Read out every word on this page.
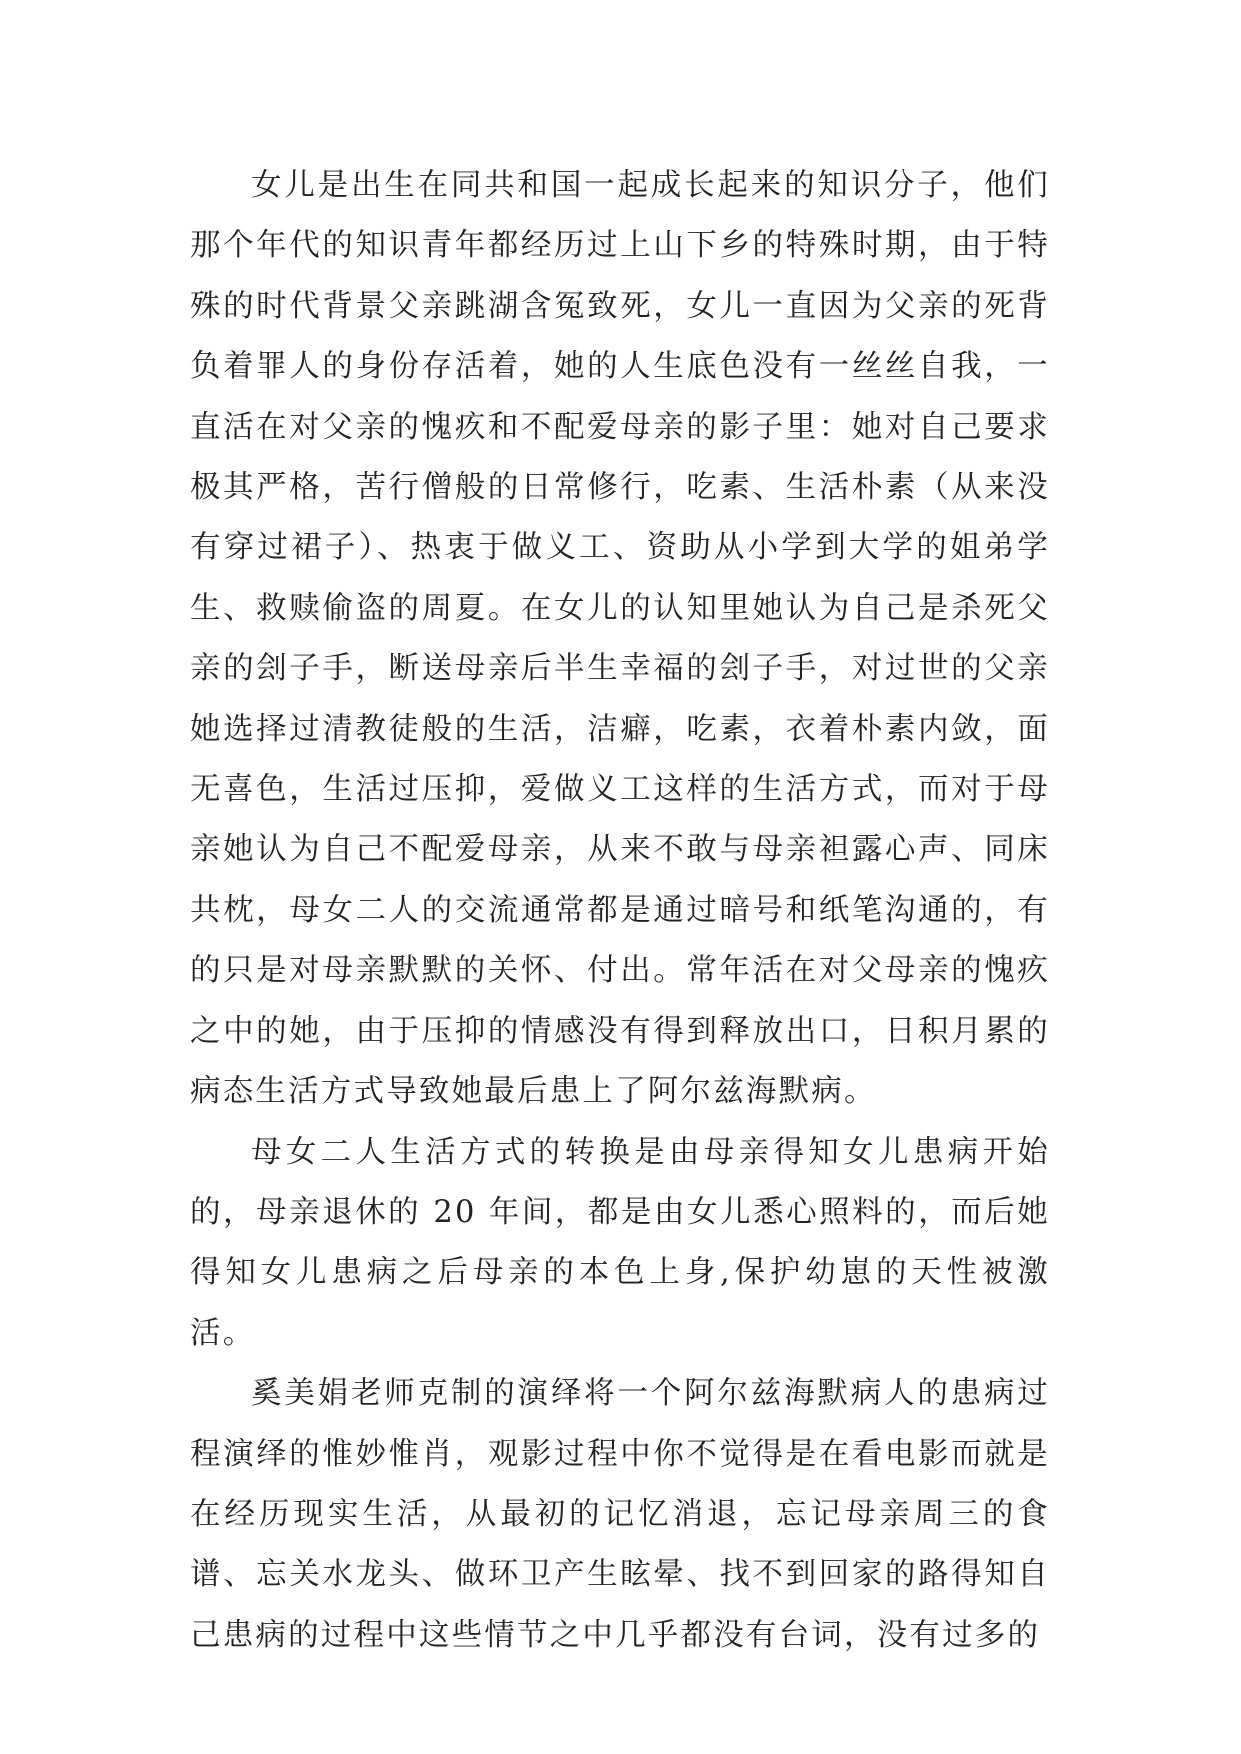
女儿是出生在同共和国一起成长起来的知识分子，他们那个年代的知识青年都经历过上山下乡的特殊时期，由于特殊的时代背景父亲跳湖含冤致死，女儿一直因为父亲的死背负着罪人的身份存活着，她的人生底色没有一丝丝自我，一直活在对父亲的愧疚和不配爱母亲的影子里：她对自己要求极其严格，苦行僧般的日常修行，吃素、生活朴素（从来没有穿过裙子）、热衷于做义工、资助从小学到大学的姐弟学生、救赎偷盗的周夏。在女儿的认知里她认为自己是杀死父亲的刽子手，断送母亲后半生幸福的刽子手，对过世的父亲她选择过清教徒般的生活，洁癖，吃素，衣着朴素内敛，面无喜色，生活过压抑，爱做义工这样的生活方式，而对于母亲她认为自己不配爱母亲，从来不敢与母亲袒露心声、同床共枕，母女二人的交流通常都是通过暗号和纸笔沟通的，有的只是对母亲默默的关怀、付出。常年活在对父母亲的愧疚之中的她，由于压抑的情感没有得到释放出口，日积月累的病态生活方式导致她最后患上了阿尔兹海默病。

母女二人生活方式的转换是由母亲得知女儿患病开始的，母亲退休的 20 年间，都是由女儿悉心照料的，而后她得知女儿患病之后母亲的本色上身,保护幼崽的天性被激活。

奚美娟老师克制的演绎将一个阿尔兹海默病人的患病过程演绎的惟妙惟肖，观影过程中你不觉得是在看电影而就是在经历现实生活，从最初的记忆消退，忘记母亲周三的食谱、忘关水龙头、做环卫产生眩晕、找不到回家的路得知自己患病的过程中这些情节之中几乎都没有台词，没有过多的
